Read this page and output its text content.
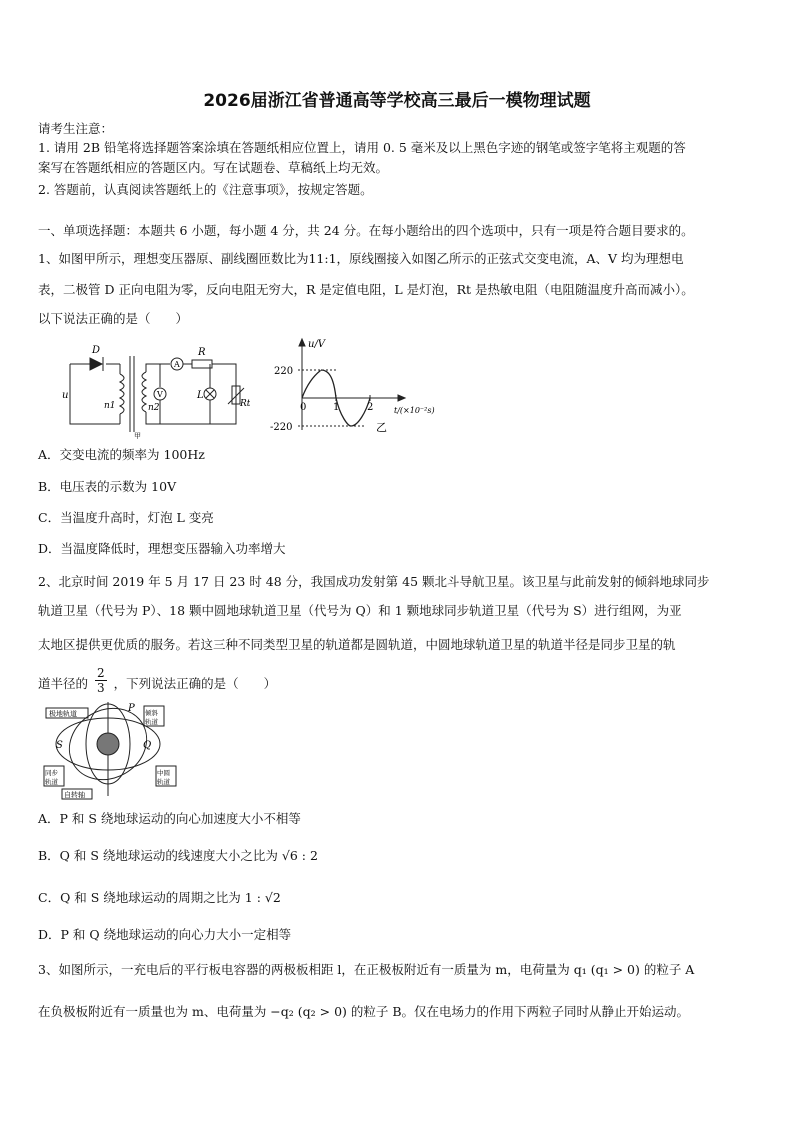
2026届浙江省普通高等学校高三最后一模物理试题
请考生注意：
1. 请用 2B 铅笔将选择题答案涂填在答题纸相应位置上，请用 0. 5 毫米及以上黑色字迹的钢笔或签字笔将主观题的答
案写在答题纸相应的答题区内。写在试题卷、草稿纸上均无效。
2. 答题前，认真阅读答题纸上的《注意事项》，按规定答题。
一、单项选择题：本题共 6 小题，每小题 4 分，共 24 分。在每小题给出的四个选项中，只有一项是符合题目要求的。
1、如图甲所示，理想变压器原、副线圈匝数比为11:1，原线圈接入如图乙所示的正弦式交变电流，A、V 均为理想电
表，二极管 D 正向电阻为零，反向电阻无穷大，R 是定值电阻，L 是灯泡，Rt 是热敏电阻（电阻随温度升高而减小）。
以下说法正确的是（　　）
D
u
n1	n2
A
V
R
L
Rt
甲
u/V
220
-220
0	1	2	t/(×10⁻²s)
乙
A．交变电流的频率为 100Hz
B．电压表的示数为 10V
C．当温度升高时，灯泡 L 变亮
D．当温度降低时，理想变压器输入功率增大
2、北京时间 2019 年 5 月 17 日 23 时 48 分，我国成功发射第 45 颗北斗导航卫星。该卫星与此前发射的倾斜地球同步
轨道卫星（代号为 P）、18 颗中圆地球轨道卫星（代号为 Q）和 1 颗地球同步轨道卫星（代号为 S）进行组网，为亚
太地区提供更优质的服务。若这三种不同类型卫星的轨道都是圆轨道，中圆地球轨道卫星的轨道半径是同步卫星的轨
道半径的 $\frac{2}{3}$ ，下列说法正确的是（　　）
极地轨道	P 倾斜
轨道
S	Q
同步
轨道
中圆
轨道
自转轴
A．P 和 S 绕地球运动的向心加速度大小不相等
B．Q 和 S 绕地球运动的线速度大小之比为 √6 : 2
C．Q 和 S 绕地球运动的周期之比为 1 : √2
D．P 和 Q 绕地球运动的向心力大小一定相等
3、如图所示，一充电后的平行板电容器的两极板相距 l，在正极板附近有一质量为 m，电荷量为 q₁ (q₁ > 0) 的粒子 A
在负极板附近有一质量也为 m、电荷量为 −q₂ (q₂ > 0) 的粒子 B。仅在电场力的作用下两粒子同时从静止开始运动。
